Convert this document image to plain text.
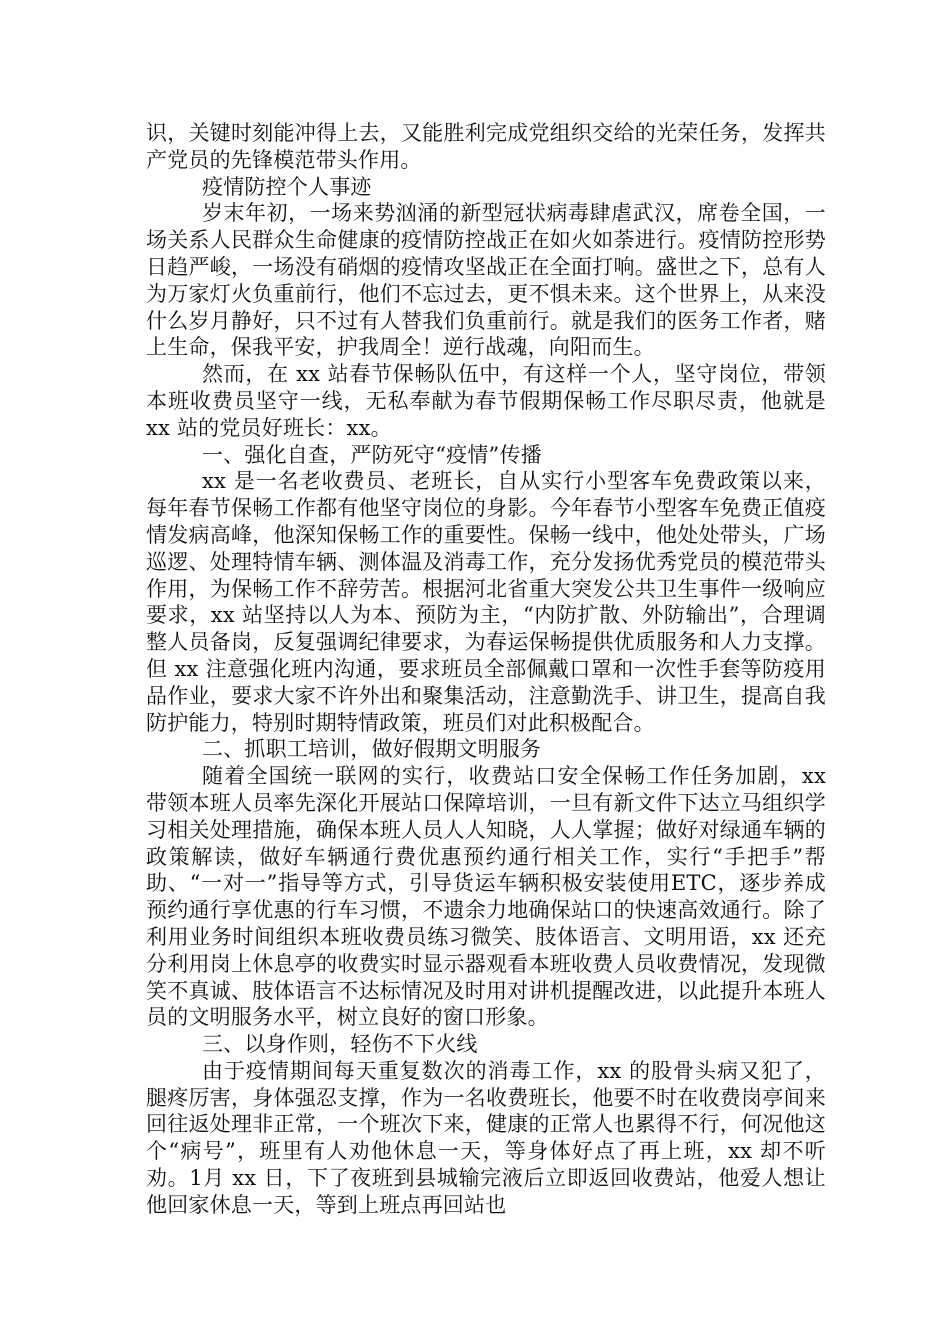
识，关键时刻能冲得上去，又能胜利完成党组织交给的光荣任务，发挥共产党员的先锋模范带头作用。

疫情防控个人事迹

岁末年初，一场来势汹涌的新型冠状病毒肆虐武汉，席卷全国，一场关系人民群众生命健康的疫情防控战正在如火如荼进行。疫情防控形势日趋严峻，一场没有硝烟的疫情攻坚战正在全面打响。盛世之下，总有人为万家灯火负重前行，他们不忘过去，更不惧未来。这个世界上，从来没什么岁月静好，只不过有人替我们负重前行。就是我们的医务工作者，赌上生命，保我平安，护我周全！逆行战魂，向阳而生。

然而，在 xx 站春节保畅队伍中，有这样一个人，坚守岗位，带领本班收费员坚守一线，无私奉献为春节假期保畅工作尽职尽责，他就是 xx 站的党员好班长：xx。

一、强化自查，严防死守“疫情”传播

xx 是一名老收费员、老班长，自从实行小型客车免费政策以来，每年春节保畅工作都有他坚守岗位的身影。今年春节小型客车免费正值疫情发病高峰，他深知保畅工作的重要性。保畅一线中，他处处带头，广场巡逻、处理特情车辆、测体温及消毒工作，充分发扬优秀党员的模范带头作用，为保畅工作不辞劳苦。根据河北省重大突发公共卫生事件一级响应要求，xx 站坚持以人为本、预防为主，“内防扩散、外防输出”，合理调整人员备岗，反复强调纪律要求，为春运保畅提供优质服务和人力支撑。但 xx 注意强化班内沟通，要求班员全部佩戴口罩和一次性手套等防疫用品作业，要求大家不许外出和聚集活动，注意勤洗手、讲卫生，提高自我防护能力，特别时期特情政策，班员们对此积极配合。

二、抓职工培训，做好假期文明服务

随着全国统一联网的实行，收费站口安全保畅工作任务加剧，xx 带领本班人员率先深化开展站口保障培训，一旦有新文件下达立马组织学习相关处理措施，确保本班人员人人知晓，人人掌握；做好对绿通车辆的政策解读，做好车辆通行费优惠预约通行相关工作，实行“手把手”帮助、“一对一”指导等方式，引导货运车辆积极安装使用ETC，逐步养成预约通行享优惠的行车习惯，不遗余力地确保站口的快速高效通行。除了利用业务时间组织本班收费员练习微笑、肢体语言、文明用语，xx 还充分利用岗上休息亭的收费实时显示器观看本班收费人员收费情况，发现微笑不真诚、肢体语言不达标情况及时用对讲机提醒改进，以此提升本班人员的文明服务水平，树立良好的窗口形象。

三、以身作则，轻伤不下火线

由于疫情期间每天重复数次的消毒工作，xx 的股骨头病又犯了，腿疼厉害，身体强忍支撑，作为一名收费班长，他要不时在收费岗亭间来回往返处理非正常，一个班次下来，健康的正常人也累得不行，何况他这个“病号”，班里有人劝他休息一天，等身体好点了再上班，xx 却不听劝。1月 xx 日，下了夜班到县城输完液后立即返回收费站，他爱人想让他回家休息一天，等到上班点再回站也
